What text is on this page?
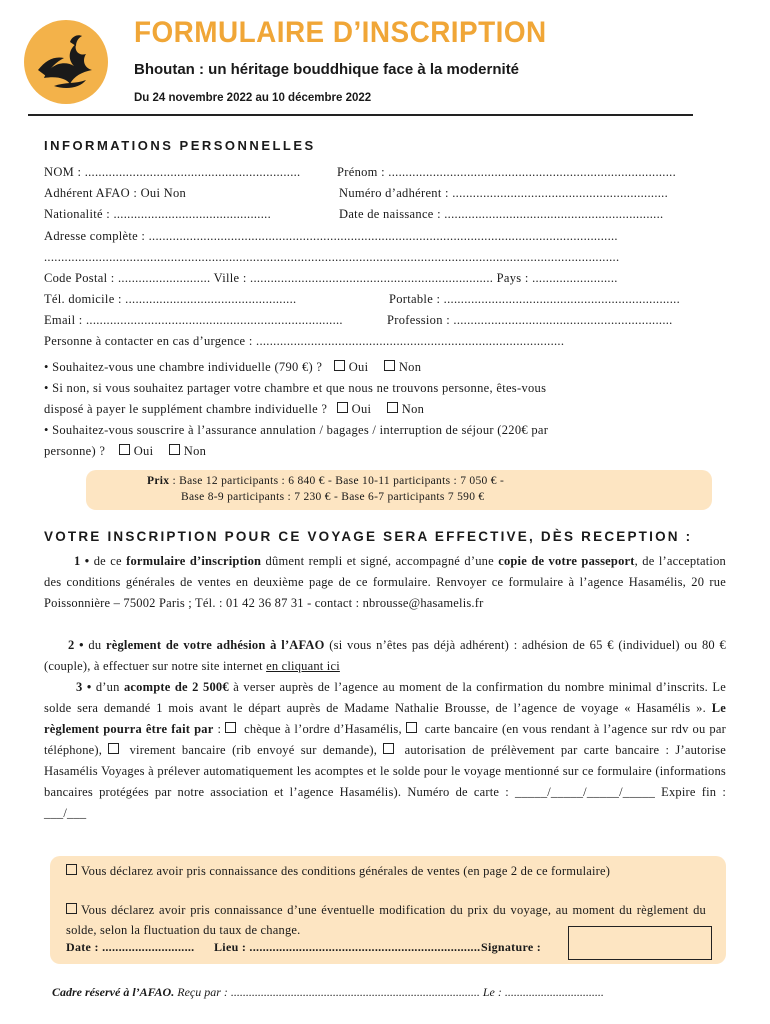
FORMULAIRE D’INSCRIPTION
Bhoutan : un héritage bouddhique face à la modernité
Du 24 novembre 2022 au 10 décembre 2022
INFORMATIONS PERSONNELLES
NOM : ...............................................................	Prénom : ....................................................................................
Adhérent AFAO : Oui Non	Numéro d’adhérent : ...............................................................
Nationalité : ..............................................	Date de naissance : ................................................................
Adresse complète : .........................................................................................................................................
........................................................................................................................................................................
Code Postal : ........................... Ville : ....................................................................... Pays : .........................
Tél. domicile : ..................................................	Portable : .....................................................................
Email : ...........................................................................	Profession : ................................................................
Personne à contacter en cas d’urgence : ..........................................................................................
• Souhaitez-vous une chambre individuelle (790 €) ? Oui Non
• Si non, si vous souhaitez partager votre chambre et que nous ne trouvons personne, êtes-vous
disposé à payer le supplément chambre individuelle ? Oui Non
• Souhaitez-vous souscrire à l’assurance annulation / bagages / interruption de séjour (220€ par
personne) ? Oui Non
Prix : Base 12 participants : 6 840 € - Base 10-11 participants : 7 050 € -
Base 8-9 participants : 7 230 € - Base 6-7 participants 7 590 €
VOTRE INSCRIPTION POUR CE VOYAGE SERA EFFECTIVE, DÈS RECEPTION :
1 • de ce formulaire d’inscription dûment rempli et signé, accompagné d’une copie de votre passeport, de l’acceptation des conditions générales de ventes en deuxième page de ce formulaire. Renvoyer ce formulaire à l’agence Hasamélis, 20 rue Poissonnière – 75002 Paris ; Tél. : 01 42 36 87 31 - contact : nbrousse@hasamelis.fr
2 • du règlement de votre adhésion à l’AFAO (si vous n’êtes pas déjà adhérent) : adhésion de 65 € (individuel) ou 80 € (couple), à effectuer sur notre site internet en cliquant ici
3 • d’un acompte de 2 500€ à verser auprès de l’agence au moment de la confirmation du nombre minimal d’inscrits. Le solde sera demandé 1 mois avant le départ auprès de Madame Nathalie Brousse, de l’agence de voyage « Hasamélis ». Le règlement pourra être fait par :  chèque à l’ordre d’Hasamélis,  carte bancaire (en vous rendant à l’agence sur rdv ou par téléphone),  virement bancaire (rib envoyé sur demande),  autorisation de prélèvement par carte bancaire : J’autorise Hasamélis Voyages à prélever automatiquement les acomptes et le solde pour le voyage mentionné sur ce formulaire (informations bancaires protégées par notre association et l’agence Hasamélis). Numéro de carte : _____/_____/_____/_____ Expire fin : ___/___
Vous déclarez avoir pris connaissance des conditions générales de ventes (en page 2 de ce formulaire)
Vous déclarez avoir pris connaissance d’une éventuelle modification du prix du voyage, au moment du règlement du solde, selon la fluctuation du taux de change.
Date : ............................ Lieu : ...................................................................... Signature :
Cadre réservé à l’AFAO. Reçu par : ................................................................................... Le : .................................
